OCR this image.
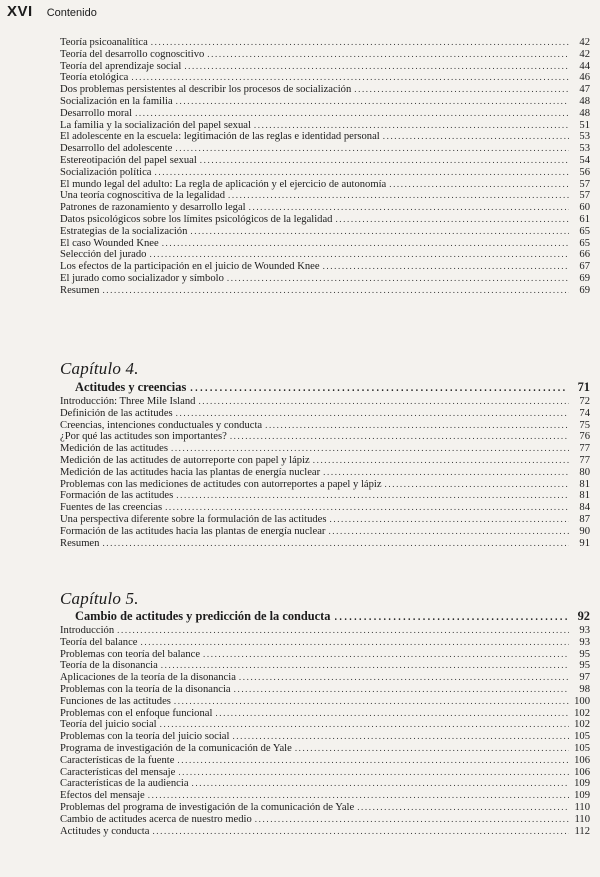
XVI Contenido
Teoría psicoanalítica .....	42
Teoría del desarrollo cognoscitivo .....	42
Teoría del aprendizaje social .....	44
Teoría etológica .....	46
Dos problemas persistentes al describir los procesos de socialización .....	47
Socialización en la familia .....	48
Desarrollo moral .....	48
La familia y la socialización del papel sexual .....	51
El adolescente en la escuela: legitimación de las reglas e identidad personal .....	53
Desarrollo del adolescente .....	53
Estereotipación del papel sexual .....	54
Socialización política .....	56
El mundo legal del adulto: La regla de aplicación y el ejercicio de autonomía .....	57
Una teoría cognoscitiva de la legalidad .....	57
Patrones de razonamiento y desarrollo legal .....	60
Datos psicológicos sobre los límites psicológicos de la legalidad .....	61
Estrategias de la socialización .....	65
El caso Wounded Knee .....	65
Selección del jurado .....	66
Los efectos de la participación en el juicio de Wounded Knee .....	67
El jurado como socializador y símbolo .....	69
Resumen .....	69
Capítulo 4.
Actitudes y creencias .....	71
Introducción: Three Mile Island .....	72
Definición de las actitudes .....	74
Creencias, intenciones conductuales y conducta .....	75
¿Por qué las actitudes son importantes? .....	76
Medición de las actitudes .....	77
Medición de las actitudes de autorreporte con papel y lápiz .....	77
Medición de las actitudes hacia las plantas de energía nuclear .....	80
Problemas con las mediciones de actitudes con autorreportes a papel y lápiz .....	81
Formación de las actitudes .....	81
Fuentes de las creencias .....	84
Una perspectiva diferente sobre la formulación de las actitudes .....	87
Formación de las actitudes hacia las plantas de energía nuclear .....	90
Resumen .....	91
Capítulo 5.
Cambio de actitudes y predicción de la conducta .....	92
Introducción .....	93
Teoría del balance .....	93
Problemas con teoría del balance .....	95
Teoría de la disonancia .....	95
Aplicaciones de la teoría de la disonancia .....	97
Problemas con la teoría de la disonancia .....	98
Funciones de las actitudes .....	100
Problemas con el enfoque funcional .....	102
Teoría del juicio social .....	102
Problemas con la teoría del juicio social .....	105
Programa de investigación de la comunicación de Yale .....	105
Características de la fuente .....	106
Características del mensaje .....	106
Características de la audiencia .....	109
Efectos del mensaje .....	109
Problemas del programa de investigación de la comunicación de Yale .....	110
Cambio de actitudes acerca de nuestro medio .....	110
Actitudes y conducta .....	112
